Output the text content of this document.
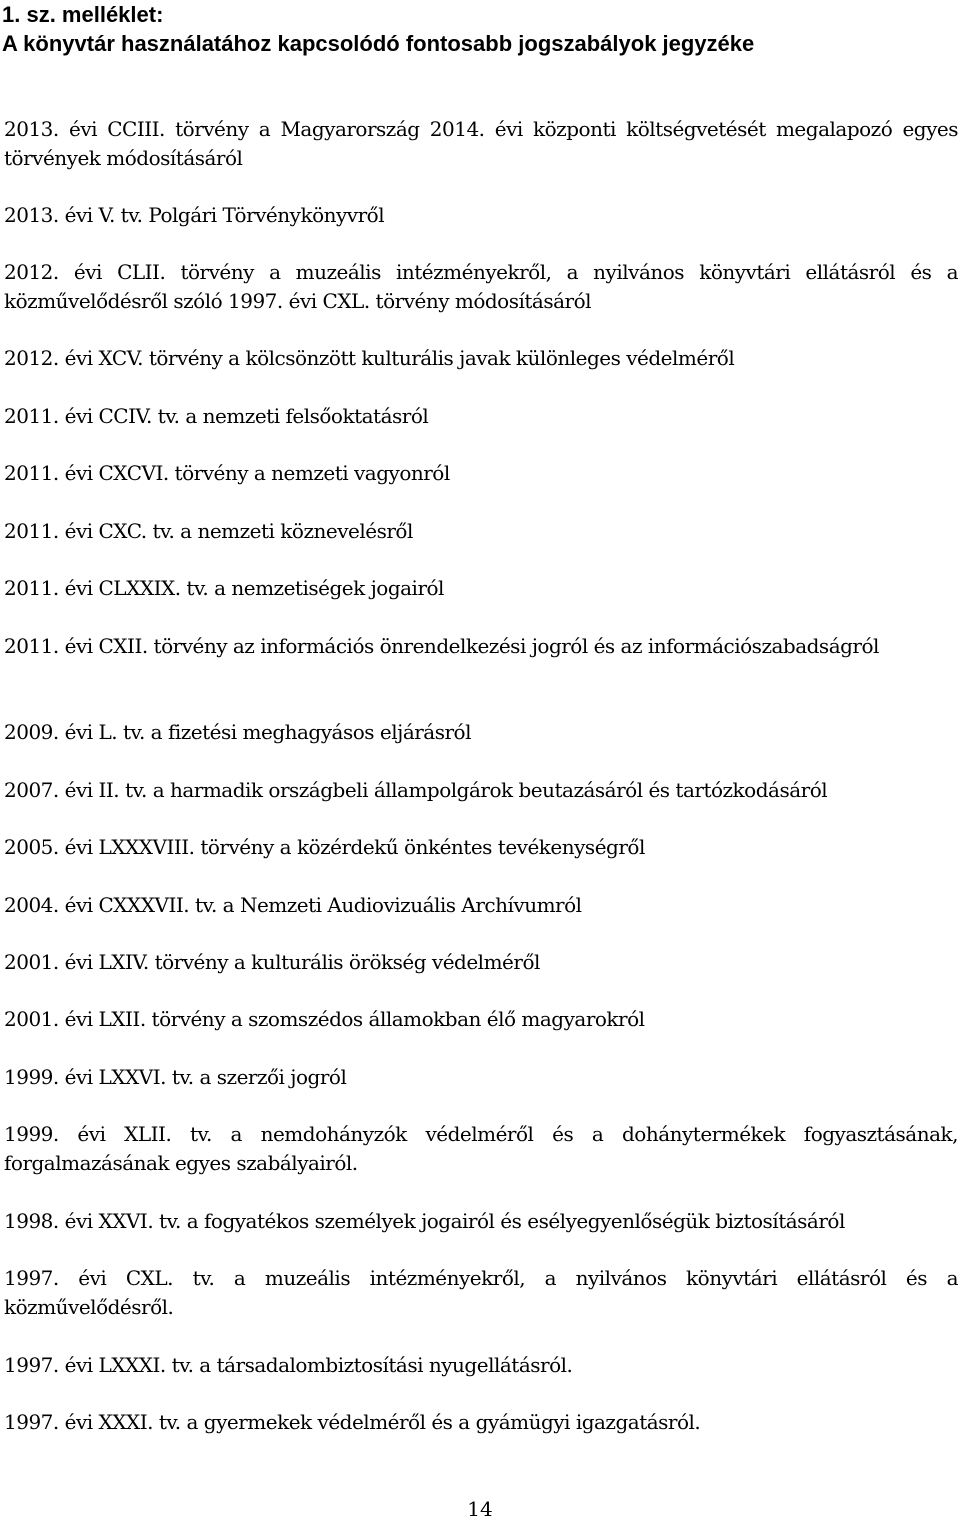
1. sz. melléklet:
A könyvtár használatához kapcsolódó fontosabb jogszabályok jegyzéke

2013. évi CCIII. törvény a Magyarország 2014. évi központi költségvetését megalapozó egyes törvények módosításáról

2013. évi V. tv. Polgári Törvénykönyvről

2012. évi CLII. törvény a muzeális intézményekről, a nyilvános könyvtári ellátásról és a közművelődésről szóló 1997. évi CXL. törvény módosításáról

2012. évi XCV. törvény a kölcsönzött kulturális javak különleges védelméről

2011. évi CCIV. tv. a nemzeti felsőoktatásról

2011. évi CXCVI. törvény a nemzeti vagyonról

2011. évi CXC. tv. a nemzeti köznevelésről

2011. évi CLXXIX. tv. a nemzetiségek jogairól

2011. évi CXII. törvény az információs önrendelkezési jogról és az információszabadságról

2009. évi L. tv. a fizetési meghagyásos eljárásról

2007. évi II. tv. a harmadik országbeli állampolgárok beutazásáról és tartózkodásáról

2005. évi LXXXVIII. törvény a közérdekű önkéntes tevékenységről

2004. évi CXXXVII. tv. a Nemzeti Audiovizuális Archívumról

2001. évi LXIV. törvény a kulturális örökség védelméről

2001. évi LXII. törvény a szomszédos államokban élő magyarokról

1999. évi LXXVI. tv. a szerzői jogról

1999. évi XLII. tv. a nemdohányzók védelméről és a dohánytermékek fogyasztásának, forgalmazásának egyes szabályairól.

1998. évi XXVI. tv. a fogyatékos személyek jogairól és esélyegyenlőségük biztosításáról

1997. évi CXL. tv. a muzeális intézményekről, a nyilvános könyvtári ellátásról és a közművelődésről.

1997. évi LXXXI. tv. a társadalombiztosítási nyugellátásról.

1997. évi XXXI. tv. a gyermekek védelméről és a gyámügyi igazgatásról.

14
